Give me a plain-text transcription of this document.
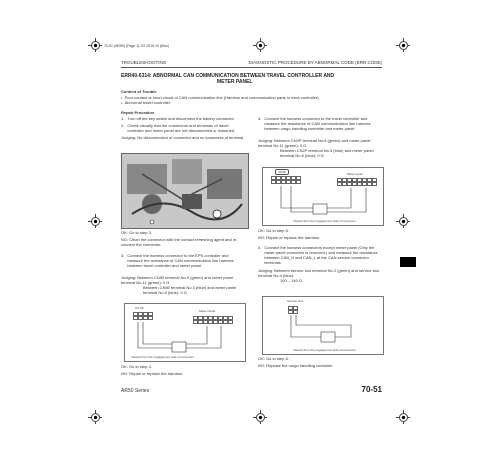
70-51 (AR50) (Page 1) 2/2 2019.10 (Mon)
TROUBLESHOOTING	DIAGNOSTIC PROCEDURE BY ABNORMAL CODE (ERR CODE)
ERR40-6314: ABNORMAL CAN COMMUNICATION BETWEEN TRAVEL CONTROLLER AND
METER PANEL
Content of Trouble
•  Poor contact or short circuit of CAN communication line (Harness and communication parts in each controller)
•  Abnormal travel controller
Repair Procedure
1. Turn off the key switch and disconnect the battery connector.
2. Check visually that the connectors and terminals of travel controller and meter panel are not disconnected or loosened.
Judging: No disconnection of connector and no looseness of terminal
OK: Go to step 3.
NG: Clean the connector with the contact refreshing agent and re-connect the connector.
3. Connect the harness connector to the EPS controller and measure the resistance of CAN communication line harness between travel controller and meter panel.
Judging: Between CN50 terminal No.5 (green) and meter panel terminal No.11 (green): 0 Ω
Between CN50 terminal No.3 (blue) and meter panel terminal No.6 (blue): 0 Ω
CN 50
Meter Panel
Viewed from the engagement side of connector
OK: Go to step 4.
NG: Repair or replace the harness.
4. Connect the harness connector to the travel controller and measure the resistance of CAN communication line harness between cargo handling controller and meter panel.
Judging: Between CN2P terminal No.9 (green) and meter panel terminal No.11 (green): 0 Ω
Between CN2P terminal No.3 (blue) and meter panel terminal No.6 (blue): 0 Ω
CN2P	Meter panel
Viewed from the engagement side of connector
OK: Go to step 5.
NG: Repair or replace the harness.
5. Connect the harness connectors except meter panel (Only the meter panel connector is removed.) and measure the resistance between CAN_H and CAN_L at the CAN service connector terminals.
Judging: Between service tool terminal No.2 (green) and service tool terminal No.4 (blue):
100 – 140 Ω
Service Tool
Viewed from the engagement side of connector
OK: Go to step 6.
NG: Replace the cargo handling controller.
AR50 Series	70-51
